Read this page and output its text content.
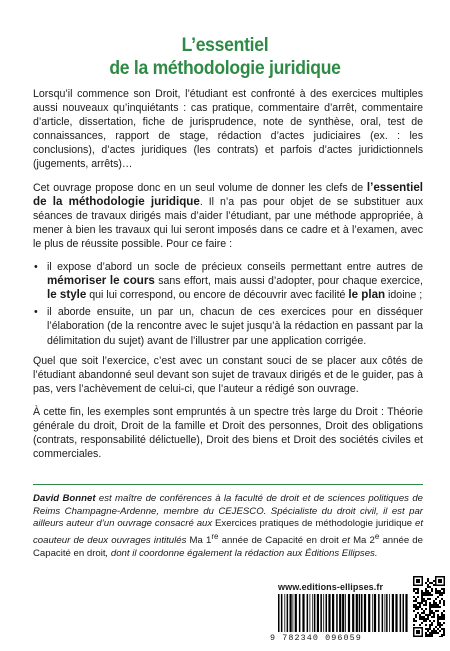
L’essentiel
de la méthodologie juridique

Lorsqu’il commence son Droit, l’étudiant est confronté à des exercices multiples aussi nouveaux qu’inquiétants : cas pratique, commentaire d’arrêt, commentaire d’article, dissertation, fiche de jurisprudence, note de synthèse, oral, test de connaissances, rapport de stage, rédaction d’actes judiciaires (ex. : les conclusions), d’actes juridiques (les contrats) et parfois d’actes juridictionnels (jugements, arrêts)…

Cet ouvrage propose donc en un seul volume de donner les clefs de l’essentiel de la méthodologie juridique. Il n’a pas pour objet de se substituer aux séances de travaux dirigés mais d’aider l’étudiant, par une méthode appropriée, à mener à bien les travaux qui lui seront imposés dans ce cadre et à l’examen, avec le plus de réussite possible. Pour ce faire :

• il expose d’abord un socle de précieux conseils permettant entre autres de mémoriser le cours sans effort, mais aussi d’adopter, pour chaque exercice, le style qui lui correspond, ou encore de découvrir avec facilité le plan idoine ;
• il aborde ensuite, un par un, chacun de ces exercices pour en disséquer l’élaboration (de la rencontre avec le sujet jusqu’à la rédaction en passant par la délimitation du sujet) avant de l’illustrer par une application corrigée.

Quel que soit l’exercice, c’est avec un constant souci de se placer aux côtés de l’étudiant abandonné seul devant son sujet de travaux dirigés et de le guider, pas à pas, vers l’achèvement de celui-ci, que l’auteur a rédigé son ouvrage.

À cette fin, les exemples sont empruntés à un spectre très large du Droit : Théorie générale du droit, Droit de la famille et Droit des personnes, Droit des obligations (contrats, responsabilité délictuelle), Droit des biens et Droit des sociétés civiles et commerciales.

David Bonnet est maître de conférences à la faculté de droit et de sciences politiques de Reims Champagne-Ardenne, membre du CEJESCO. Spécialiste du droit civil, il est par ailleurs auteur d’un ouvrage consacré aux Exercices pratiques de méthodologie juridique et coauteur de deux ouvrages intitulés Ma 1re année de Capacité en droit et Ma 2e année de Capacité en droit, dont il coordonne également la rédaction aux Éditions Ellipses.
www.editions-ellipses.fr
9 782340 096059
